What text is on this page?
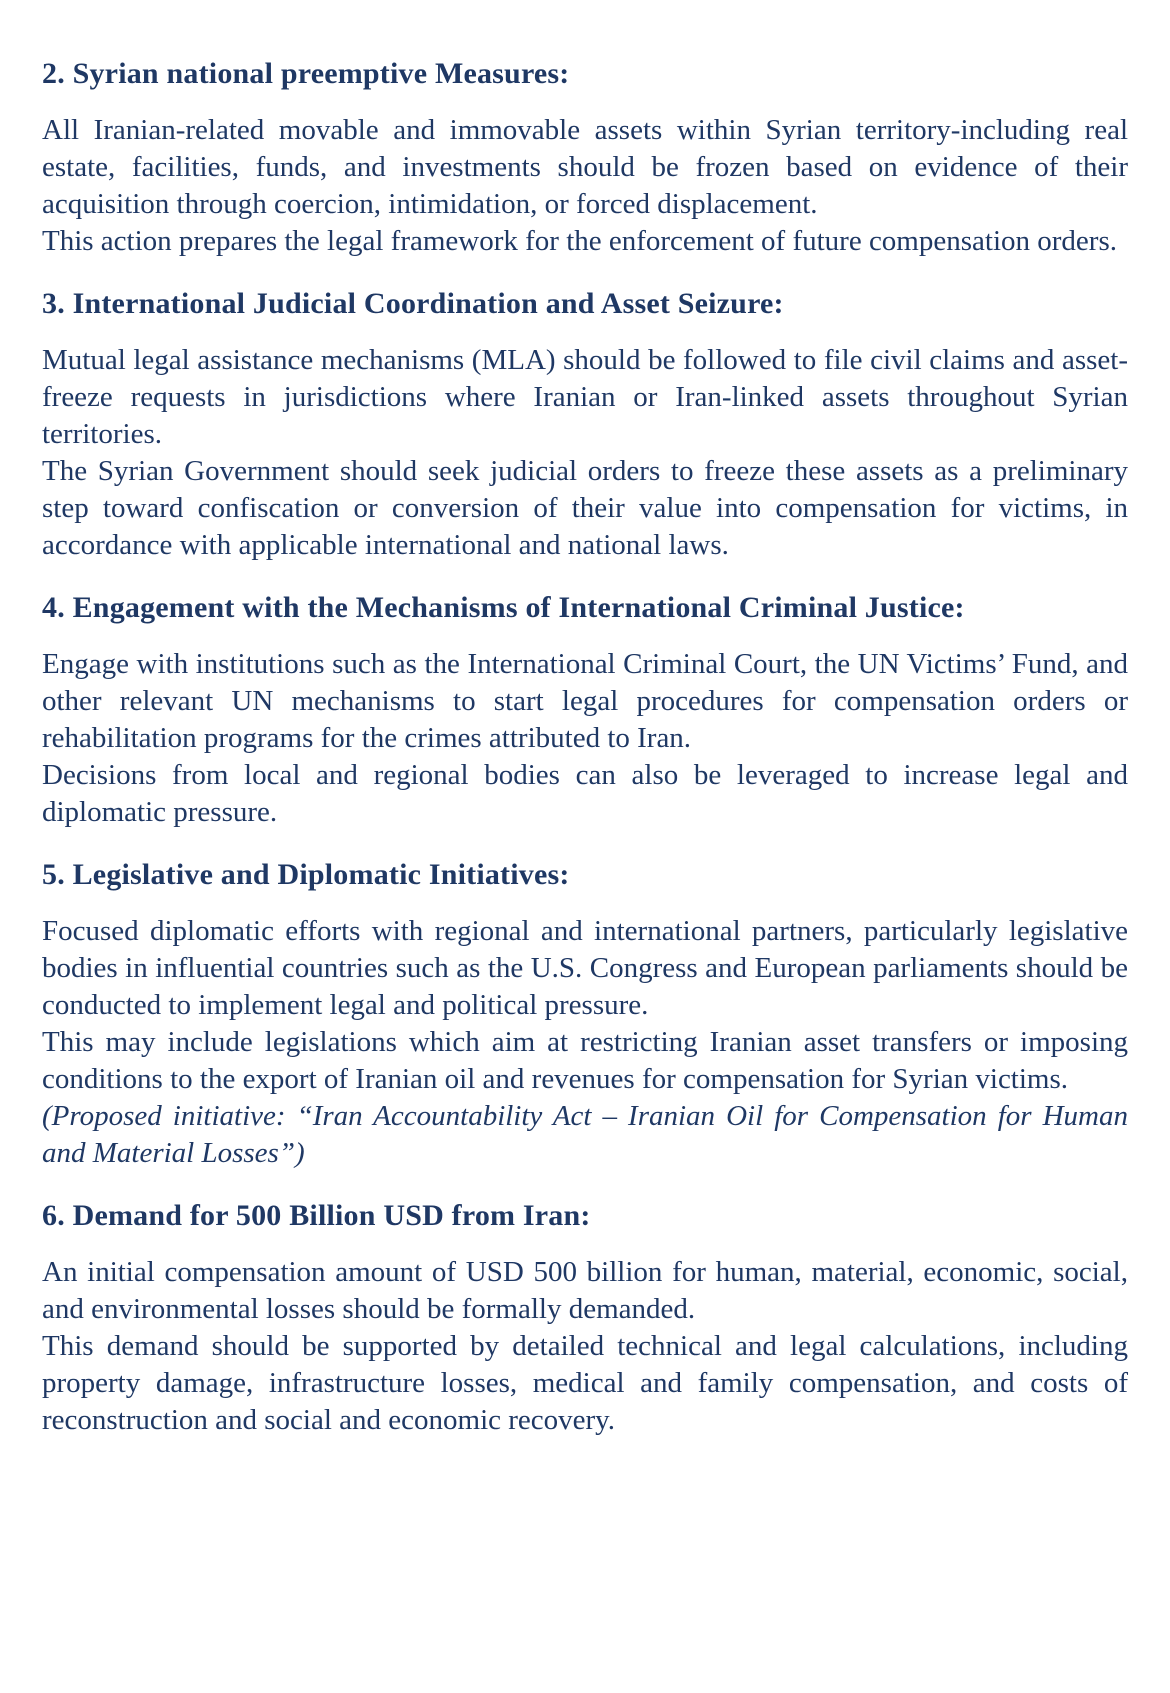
2. Syrian national preemptive Measures:

All Iranian-related movable and immovable assets within Syrian territory-including real estate, facilities, funds, and investments should be frozen based on evidence of their acquisition through coercion, intimidation, or forced displacement.

This action prepares the legal framework for the enforcement of future compensation orders.

3. International Judicial Coordination and Asset Seizure:

Mutual legal assistance mechanisms (MLA) should be followed to file civil claims and asset-freeze requests in jurisdictions where Iranian or Iran-linked assets throughout Syrian territories.

The Syrian Government should seek judicial orders to freeze these assets as a preliminary step toward confiscation or conversion of their value into compensation for victims, in accordance with applicable international and national laws.

4. Engagement with the Mechanisms of International Criminal Justice:

Engage with institutions such as the International Criminal Court, the UN Victims’ Fund, and other relevant UN mechanisms to start legal procedures for compensation orders or rehabilitation programs for the crimes attributed to Iran.

Decisions from local and regional bodies can also be leveraged to increase legal and diplomatic pressure.

5. Legislative and Diplomatic Initiatives:

Focused diplomatic efforts with regional and international partners, particularly legislative bodies in influential countries such as the U.S. Congress and European parliaments should be conducted to implement legal and political pressure.

This may include legislations which aim at restricting Iranian asset transfers or imposing conditions to the export of Iranian oil and revenues for compensation for Syrian victims.

(Proposed initiative: “Iran Accountability Act – Iranian Oil for Compensation for Human and Material Losses”)

6. Demand for 500 Billion USD from Iran:

An initial compensation amount of USD 500 billion for human, material, economic, social, and environmental losses should be formally demanded.

This demand should be supported by detailed technical and legal calculations, including property damage, infrastructure losses, medical and family compensation, and costs of reconstruction and social and economic recovery.
